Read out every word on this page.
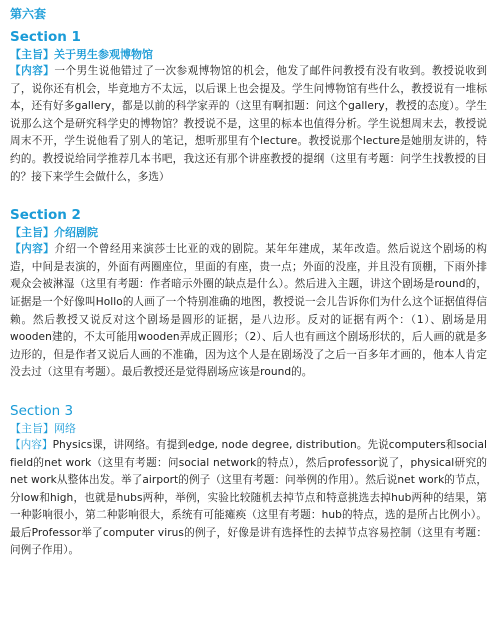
第六套
Section 1
【主旨】关于男生参观博物馆
【内容】一个男生说他错过了一次参观博物馆的机会，他发了邮件问教授有没有收到。教授说收到了，说你还有机会，毕竟地方不太远，以后课上也会提及。学生问博物馆有些什么，教授说有一堆标本，还有好多gallery，都是以前的科学家弄的（这里有啊扣题：问这个gallery，教授的态度）。学生说那么这个是研究科学史的博物馆？教授说不是，这里的标本也值得分析。学生说想周末去，教授说周末不开，学生说他看了别人的笔记，想听那里有个lecture。教授说那个lecture是她朋友讲的，特约的。教授说给同学推荐几本书吧，我这还有那个讲座教授的提纲（这里有考题：问学生找教授的目的？接下来学生会做什么，多选）
Section 2
【主旨】介绍剧院
【内容】介绍一个曾经用来演莎士比亚的戏的剧院。某年年建成，某年改造。然后说这个剧场的构造，中间是表演的，外面有两圈座位，里面的有座，贵一点；外面的没座，并且没有顶棚，下雨外排观众会被淋湿（这里有考题：作者暗示外圈的缺点是什么）。然后进入主题，讲这个剧场是round的，证据是一个好像叫Hollo的人画了一个特别准确的地图，教授说一会儿告诉你们为什么这个证据值得信赖。然后教授又说反对这个剧场是圆形的证据，是八边形。反对的证据有两个：（1）、剧场是用wooden建的，不太可能用wooden弄成正圆形；（2）、后人也有画这个剧场形状的，后人画的就是多边形的，但是作者又说后人画的不准确，因为这个人是在剧场没了之后一百多年才画的，他本人肯定没去过（这里有考题）。最后教授还是觉得剧场应该是round的。
Section 3
【主旨】网络
【内容】Physics课，讲网络。有提到edge, node degree, distribution。先说computers和social field的net work（这里有考题：问social network的特点），然后professor说了，physical研究的net work从整体出发。举了airport的例子（这里有考题：问举例的作用）。然后说net work的节点，分low和high，也就是hubs两种，举例，实验比较随机去掉节点和特意挑选去掉hub两种的结果，第一种影响很小，第二种影响很大，系统有可能瘫痪（这里有考题：hub的特点，选的是所占比例小）。最后Professor举了computer virus的例子，好像是讲有选择性的去掉节点容易控制（这里有考题：问例子作用）。
